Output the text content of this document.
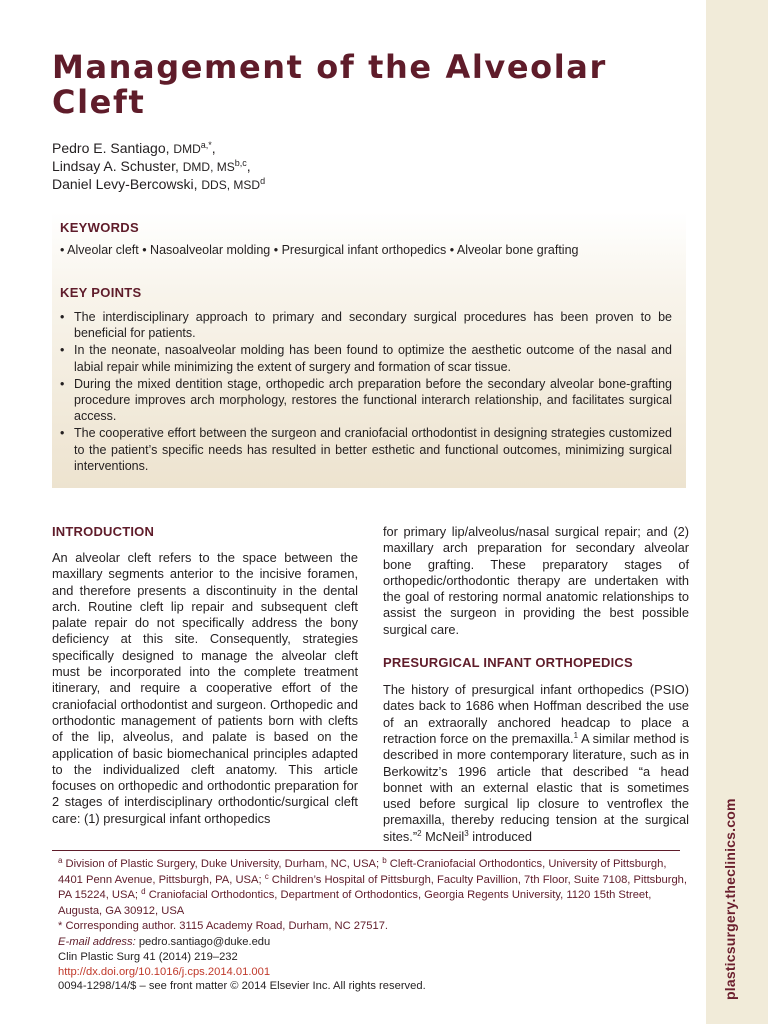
plasticsurgery.theclinics.com
Management of the Alveolar
Cleft
Pedro E. Santiago, $DMD^{a,*}$,
Lindsay A. Schuster, DMD, MS$^{b,c}$,
Daniel Levy-Bercowski, DDS, MSD$^d$
KEYWORDS
• Alveolar cleft • Nasoalveolar molding • Presurgical infant orthopedics • Alveolar bone grafting
KEY POINTS
• The interdisciplinary approach to primary and secondary surgical procedures has been proven to be beneficial for patients.
• In the neonate, nasoalveolar molding has been found to optimize the aesthetic outcome of the nasal and labial repair while minimizing the extent of surgery and formation of scar tissue.
• During the mixed dentition stage, orthopedic arch preparation before the secondary alveolar bone-grafting procedure improves arch morphology, restores the functional interarch relationship, and facilitates surgical access.
• The cooperative effort between the surgeon and craniofacial orthodontist in designing strategies customized to the patient’s specific needs has resulted in better esthetic and functional outcomes, minimizing surgical interventions.
INTRODUCTION

An alveolar cleft refers to the space between the maxillary segments anterior to the incisive foramen, and therefore presents a discontinuity in the dental arch. Routine cleft lip repair and subsequent cleft palate repair do not specifically address the bony deficiency at this site. Consequently, strategies specifically designed to manage the alveolar cleft must be incorporated into the complete treatment itinerary, and require a cooperative effort of the craniofacial orthodontist and surgeon. Orthopedic and orthodontic management of patients born with clefts of the lip, alveolus, and palate is based on the application of basic biomechanical principles adapted to the individualized cleft anatomy. This article focuses on orthopedic and orthodontic preparation for 2 stages of interdisciplinary orthodontic/surgical cleft care: (1) presurgical infant orthopedics

for primary lip/alveolus/nasal surgical repair; and (2) maxillary arch preparation for secondary alveolar bone grafting. These preparatory stages of orthopedic/orthodontic therapy are undertaken with the goal of restoring normal anatomic relationships to assist the surgeon in providing the best possible surgical care.

PRESURGICAL INFANT ORTHOPEDICS

The history of presurgical infant orthopedics (PSIO) dates back to 1686 when Hoffman described the use of an extraorally anchored headcap to place a retraction force on the premaxilla.$^1$ A similar method is described in more contemporary literature, such as in Berkowitz’s 1996 article that described “a head bonnet with an external elastic that is sometimes used before surgical lip closure to ventroflex the premaxilla, thereby reducing tension at the surgical sites.”$^2$ McNeil$^3$ introduced

$^a$ Division of Plastic Surgery, Duke University, Durham, NC, USA; $^b$ Cleft-Craniofacial Orthodontics, University of Pittsburgh, 4401 Penn Avenue, Pittsburgh, PA, USA; $^c$ Children’s Hospital of Pittsburgh, Faculty Pavillion, 7th Floor, Suite 7108, Pittsburgh, PA 15224, USA; $^d$ Craniofacial Orthodontics, Department of Orthodontics, Georgia Regents University, 1120 15th Street, Augusta, GA 30912, USA
* Corresponding author. 3115 Academy Road, Durham, NC 27517.
E-mail address: pedro.santiago@duke.edu
Clin Plastic Surg 41 (2014) 219–232
http://dx.doi.org/10.1016/j.cps.2014.01.001
0094-1298/14/$ – see front matter © 2014 Elsevier Inc. All rights reserved.
